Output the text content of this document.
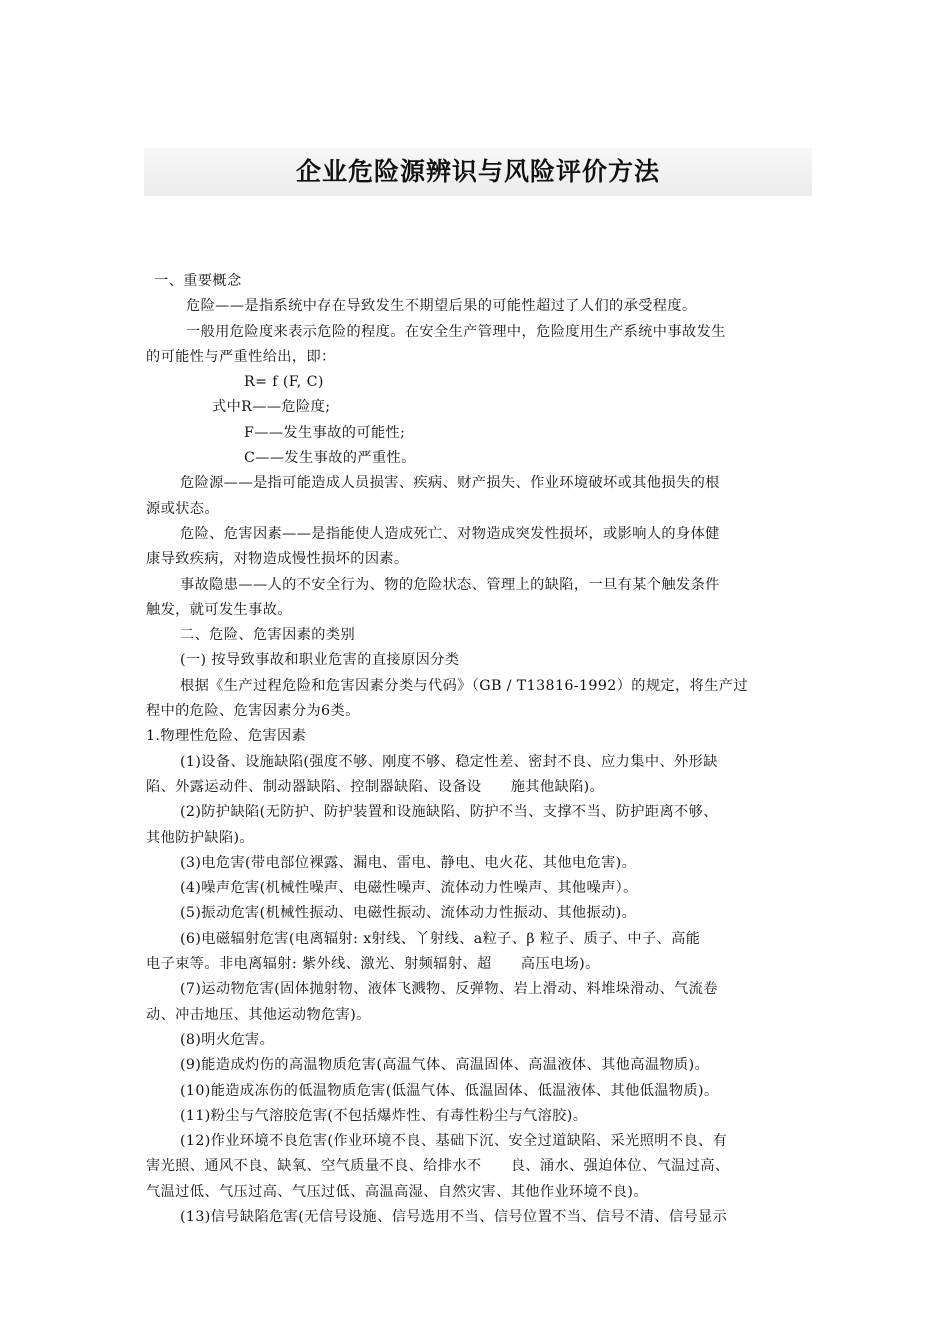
企业危险源辨识与风险评价方法
一、重要概念
危险——是指系统中存在导致发生不期望后果的可能性超过了人们的承受程度。
一般用危险度来表示危险的程度。在安全生产管理中，危险度用生产系统中事故发生
的可能性与严重性给出，即：
R= f (F, C)
式中R——危险度;
F——发生事故的可能性;
C——发生事故的严重性。
危险源——是指可能造成人员损害、疾病、财产损失、作业环境破坏或其他损失的根
源或状态。
危险、危害因素——是指能使人造成死亡、对物造成突发性损坏，或影响人的身体健
康导致疾病，对物造成慢性损坏的因素。
事故隐患——人的不安全行为、物的危险状态、管理上的缺陷，一旦有某个触发条件
触发，就可发生事故。
二、危险、危害因素的类别
(一) 按导致事故和职业危害的直接原因分类
根据《生产过程危险和危害因素分类与代码》（GB / T13816-1992）的规定，将生产过
程中的危险、危害因素分为6类。
1.物理性危险、危害因素
(1)设备、设施缺陷(强度不够、刚度不够、稳定性差、密封不良、应力集中、外形缺
陷、外露运动件、制动器缺陷、控制器缺陷、设备设　　施其他缺陷)。
(2)防护缺陷(无防护、防护装置和设施缺陷、防护不当、支撑不当、防护距离不够、
其他防护缺陷)。
(3)电危害(带电部位裸露、漏电、雷电、静电、电火花、其他电危害)。
(4)噪声危害(机械性噪声、电磁性噪声、流体动力性噪声、其他噪声）。
(5)振动危害(机械性振动、电磁性振动、流体动力性振动、其他振动)。
(6)电磁辐射危害(电离辐射: x射线、丫射线、a粒子、β 粒子、质子、中子、高能
电子束等。非电离辐射: 紫外线、激光、射频辐射、超　　高压电场)。
(7)运动物危害(固体抛射物、液体飞溅物、反弹物、岩上滑动、料堆垛滑动、气流卷
动、冲击地压、其他运动物危害)。
(8)明火危害。
(9)能造成灼伤的高温物质危害(高温气体、高温固体、高温液体、其他高温物质)。
(10)能造成冻伤的低温物质危害(低温气体、低温固体、低温液体、其他低温物质)。
(11)粉尘与气溶胶危害(不包括爆炸性、有毒性粉尘与气溶胶)。
(12)作业环境不良危害(作业环境不良、基础下沉、安全过道缺陷、采光照明不良、有
害光照、通风不良、缺氧、空气质量不良、给排水不　　良、涌水、强迫体位、气温过高、
气温过低、气压过高、气压过低、高温高湿、自然灾害、其他作业环境不良)。
(13)信号缺陷危害(无信号设施、信号选用不当、信号位置不当、信号不清、信号显示
